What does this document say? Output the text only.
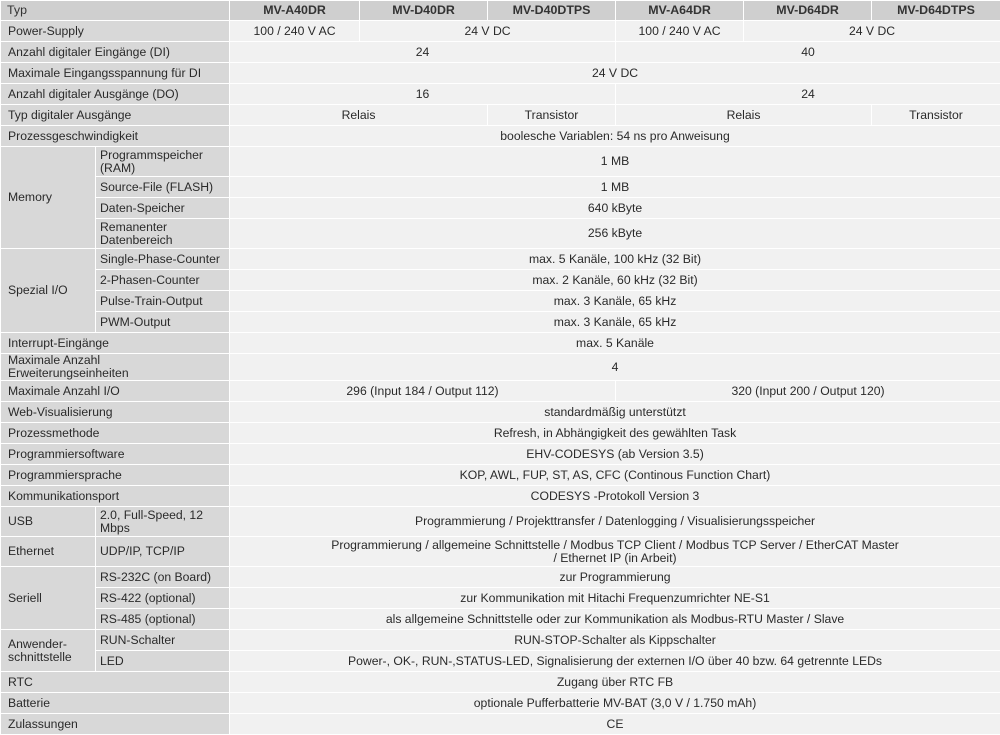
Typ		MV-A40DR	MV-D40DR	MV-D40DTPS	MV-A64DR	MV-D64DR	MV-D64DTPS
Power-Supply		100 / 240 V AC	24 V DC		100 / 240 V AC	24 V DC	
Anzahl digitaler Eingänge (DI)		24			40		
Maximale Eingangsspannung für DI		24 V DC					
Anzahl digitaler Ausgänge (DO)		16			24		
Typ digitaler Ausgänge		Relais		Transistor	Relais		Transistor
Prozessgeschwindigkeit		boolesche Variablen: 54 ns pro Anweisung					
Memory	Programmspeicher (RAM)	1 MB					
	Source-File (FLASH)	1 MB					
	Daten-Speicher	640 kByte					
	Remanenter Datenbereich	256 kByte					
Spezial I/O	Single-Phase-Counter	max. 5 Kanäle, 100 kHz (32 Bit)					
	2-Phasen-Counter	max. 2 Kanäle, 60 kHz (32 Bit)					
	Pulse-Train-Output	max. 3 Kanäle, 65 kHz					
	PWM-Output	max. 3 Kanäle, 65 kHz					
Interrupt-Eingänge		max. 5 Kanäle					
Maximale Anzahl Erweiterungseinheiten		4					
Maximale Anzahl I/O		296 (Input 184 / Output 112)			320 (Input 200 / Output 120)		
Web-Visualisierung		standardmäßig unterstützt					
Prozessmethode		Refresh, in Abhängigkeit des gewählten Task					
Programmiersoftware		EHV-CODESYS (ab Version 3.5)					
Programmiersprache		KOP, AWL, FUP, ST, AS, CFC (Continous Function Chart)					
Kommunikationsport		CODESYS -Protokoll Version 3					
USB	2.0, Full-Speed, 12 Mbps	Programmierung / Projekttransfer / Datenlogging / Visualisierungsspeicher					
Ethernet	UDP/IP, TCP/IP	Programmierung / allgemeine Schnittstelle / Modbus TCP Client / Modbus TCP Server / EtherCAT Master / Ethernet IP (in Arbeit)					
Seriell	RS-232C (on Board)	zur Programmierung					
	RS-422 (optional)	zur Kommunikation mit Hitachi Frequenzumrichter NE-S1					
	RS-485 (optional)	als allgemeine Schnittstelle oder zur Kommunikation als Modbus-RTU Master / Slave					
Anwender-schnittstelle	RUN-Schalter	RUN-STOP-Schalter als Kippschalter					
	LED	Power-, OK-, RUN-,STATUS-LED, Signalisierung der externen I/O über 40 bzw. 64 getrennte LEDs					
RTC		Zugang über RTC FB					
Batterie		optionale Pufferbatterie MV-BAT (3,0 V / 1.750 mAh)					
Zulassungen		CE					
